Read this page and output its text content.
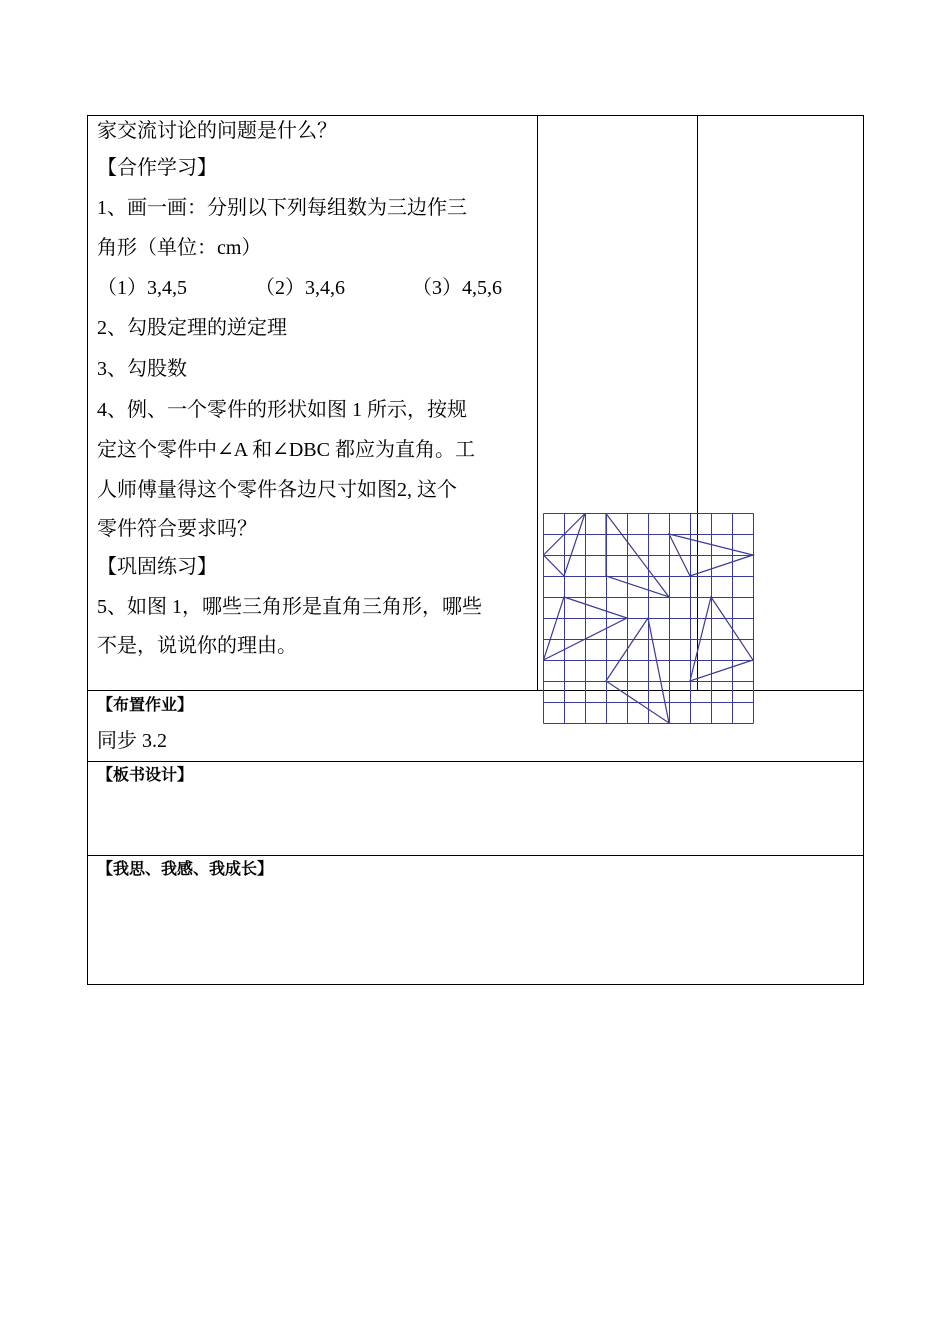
家交流讨论的问题是什么？
【合作学习】
1、画一画：分别以下列每组数为三边作三
角形（单位：cm）
（1）3,4,5	（2）3,4,6	（3）4,5,6
2、勾股定理的逆定理
3、勾股数
4、例、一个零件的形状如图 1 所示，按规
定这个零件中∠A 和∠DBC 都应为直角。工
人师傅量得这个零件各边尺寸如图2, 这个
零件符合要求吗？
【巩固练习】
5、如图 1，哪些三角形是直角三角形，哪些
不是，说说你的理由。
【布置作业】
同步 3.2
【板书设计】
【我思、我感、我成长】
